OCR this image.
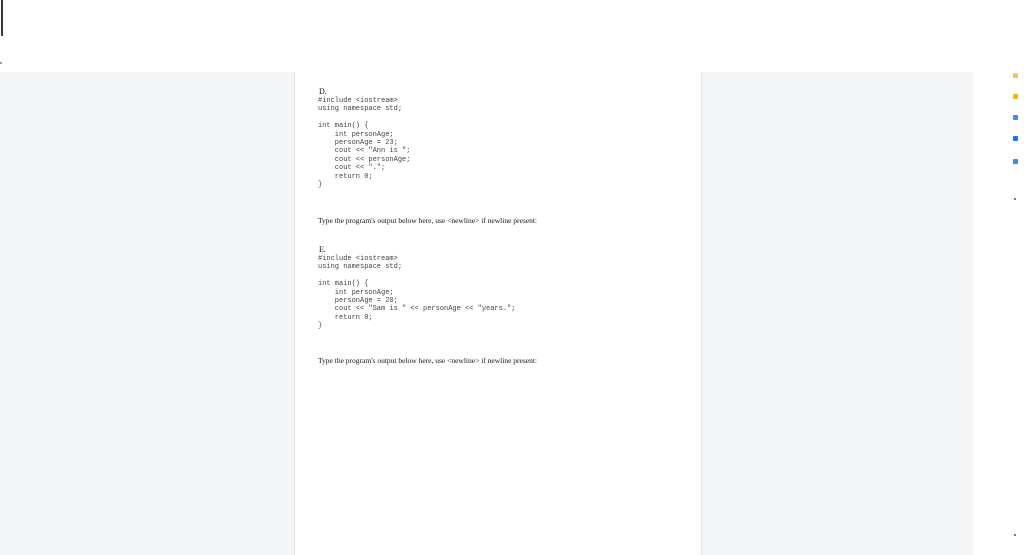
D.
#include <iostream>
using namespace std;

int main() {
int personAge;
personAge = 23;
cout << "Ann is ";
cout << personAge;
cout << ".";
return 0;
}
Type the program's output below here, use <newline> if newline present:
E.
#include <iostream>
using namespace std;

int main() {
int personAge;
personAge = 20;
cout << "Sam is " << personAge << "years.";
return 0;
}
Type the program's output below here, use <newline> if newline present:
